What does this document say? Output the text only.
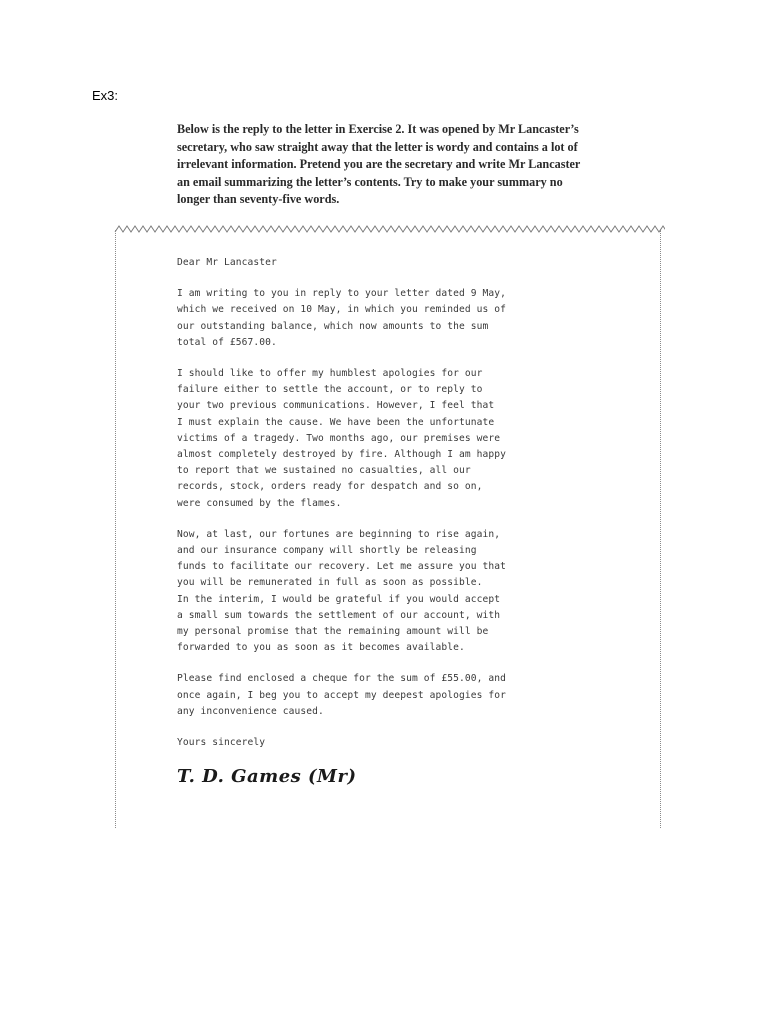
Ex3:
Below is the reply to the letter in Exercise 2. It was opened by Mr Lancaster’s
secretary, who saw straight away that the letter is wordy and contains a lot of
irrelevant information. Pretend you are the secretary and write Mr Lancaster
an email summarizing the letter’s contents. Try to make your summary no
longer than seventy-five words.
Dear Mr Lancaster
I am writing to you in reply to your letter dated 9 May,
which we received on 10 May, in which you reminded us of
our outstanding balance, which now amounts to the sum
total of £567.00.
I should like to offer my humblest apologies for our
failure either to settle the account, or to reply to
your two previous communications. However, I feel that
I must explain the cause. We have been the unfortunate
victims of a tragedy. Two months ago, our premises were
almost completely destroyed by fire. Although I am happy
to report that we sustained no casualties, all our
records, stock, orders ready for despatch and so on,
were consumed by the flames.
Now, at last, our fortunes are beginning to rise again,
and our insurance company will shortly be releasing
funds to facilitate our recovery. Let me assure you that
you will be remunerated in full as soon as possible.
In the interim, I would be grateful if you would accept
a small sum towards the settlement of our account, with
my personal promise that the remaining amount will be
forwarded to you as soon as it becomes available.
Please find enclosed a cheque for the sum of £55.00, and
once again, I beg you to accept my deepest apologies for
any inconvenience caused.
Yours sincerely
T. D. Games (Mr)
